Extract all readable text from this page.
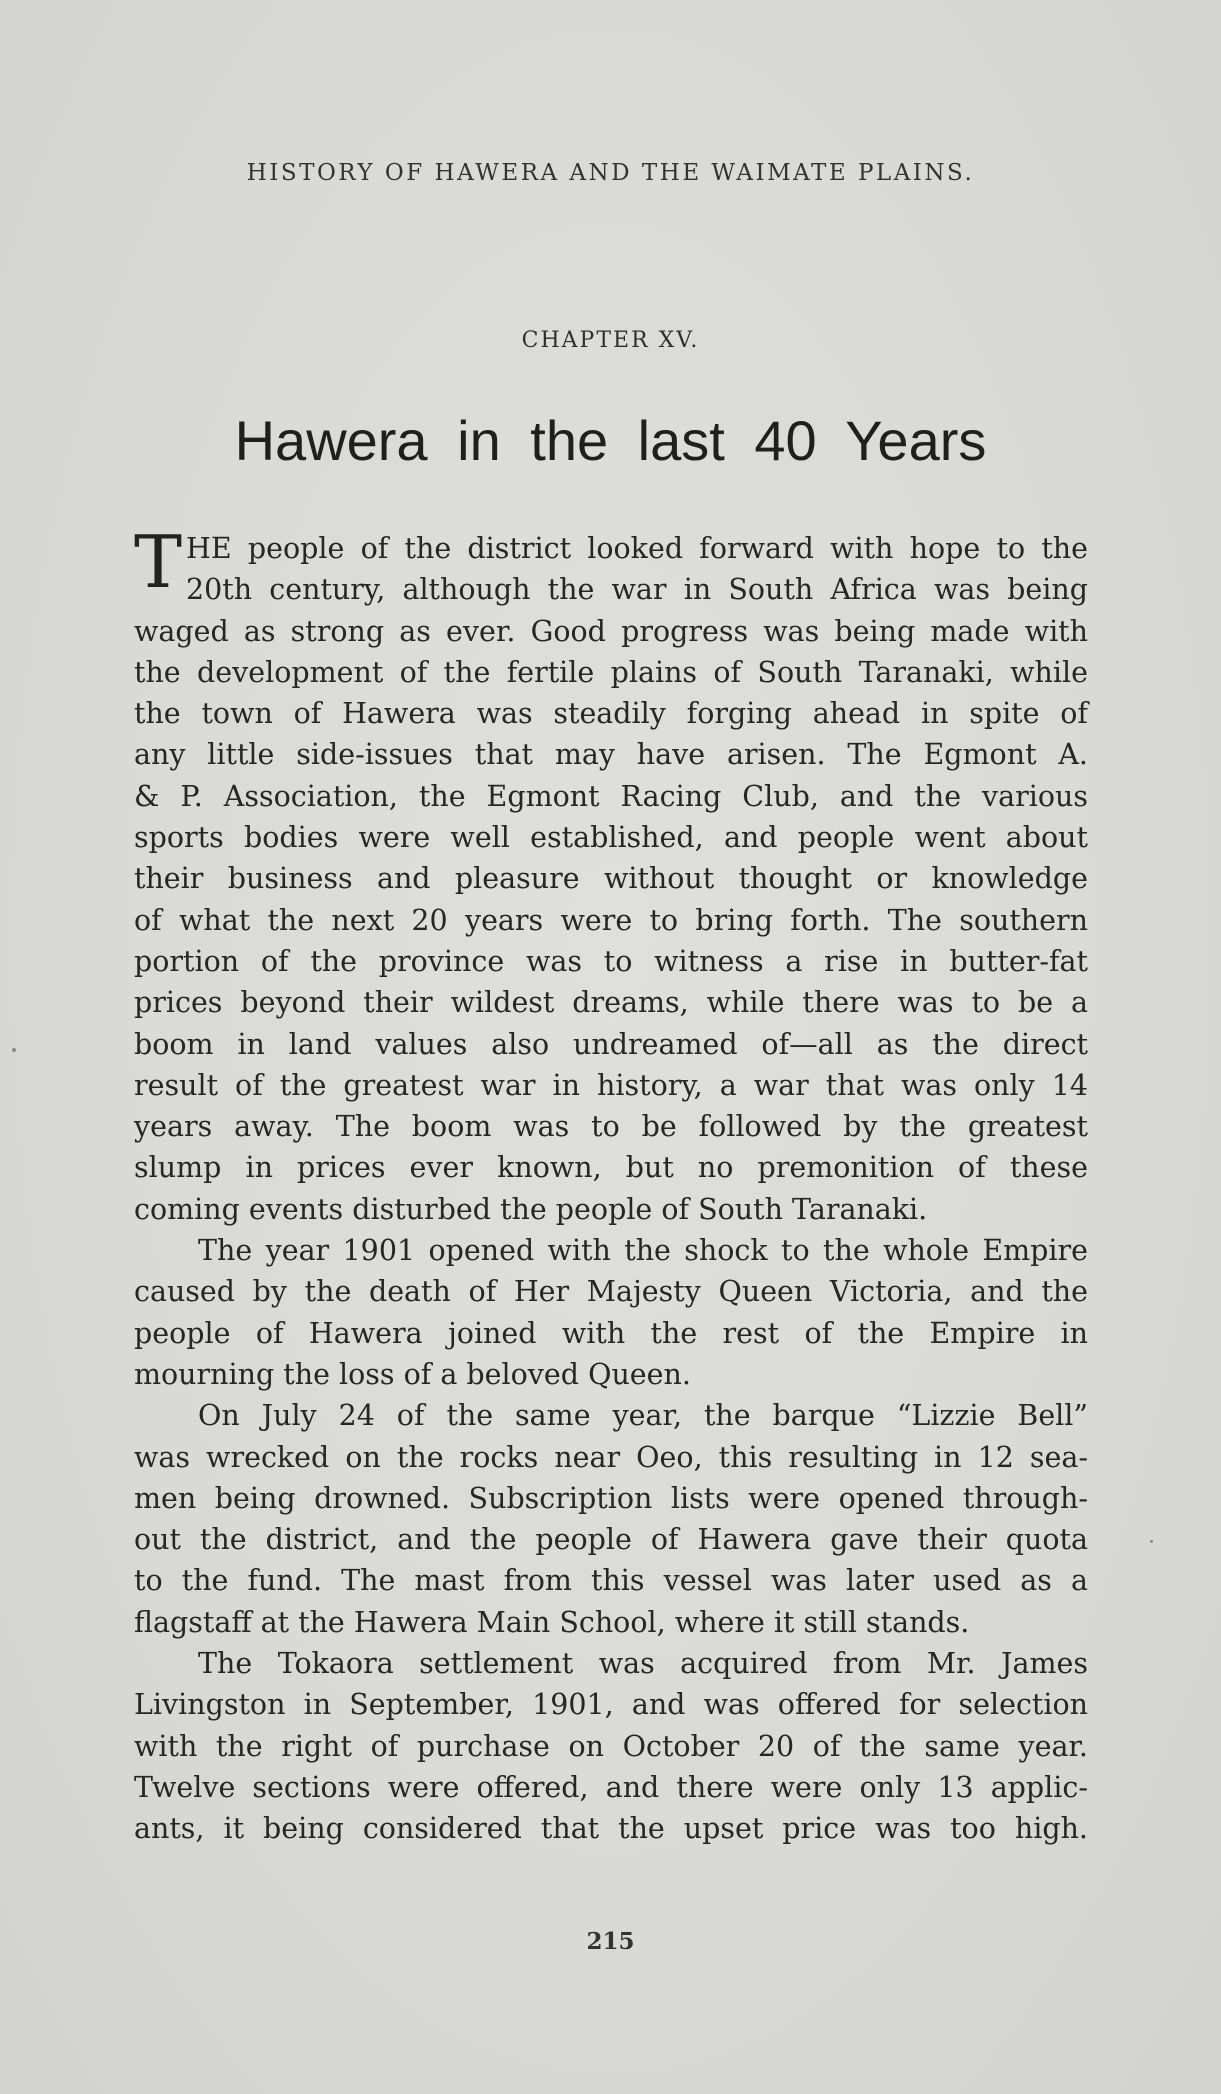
HISTORY OF HAWERA AND THE WAIMATE PLAINS.
CHAPTER XV.
Hawera in the last 40 Years
T HE people of the district looked forward with hope to the
20th century, although the war in South Africa was being
waged as strong as ever. Good progress was being made with
the development of the fertile plains of South Taranaki, while
the town of Hawera was steadily forging ahead in spite of
any little side-issues that may have arisen. The Egmont A.
& P. Association, the Egmont Racing Club, and the various
sports bodies were well established, and people went about
their business and pleasure without thought or knowledge
of what the next 20 years were to bring forth. The southern
portion of the province was to witness a rise in butter-fat
prices beyond their wildest dreams, while there was to be a
boom in land values also undreamed of—all as the direct
result of the greatest war in history, a war that was only 14
years away. The boom was to be followed by the greatest
slump in prices ever known, but no premonition of these
coming events disturbed the people of South Taranaki.
The year 1901 opened with the shock to the whole Empire
caused by the death of Her Majesty Queen Victoria, and the
people of Hawera joined with the rest of the Empire in
mourning the loss of a beloved Queen.
On July 24 of the same year, the barque “Lizzie Bell”
was wrecked on the rocks near Oeo, this resulting in 12 sea-
men being drowned. Subscription lists were opened through-
out the district, and the people of Hawera gave their quota
to the fund. The mast from this vessel was later used as a
flagstaff at the Hawera Main School, where it still stands.
The Tokaora settlement was acquired from Mr. James
Livingston in September, 1901, and was offered for selection
with the right of purchase on October 20 of the same year.
Twelve sections were offered, and there were only 13 applic-
ants, it being considered that the upset price was too high.
215
